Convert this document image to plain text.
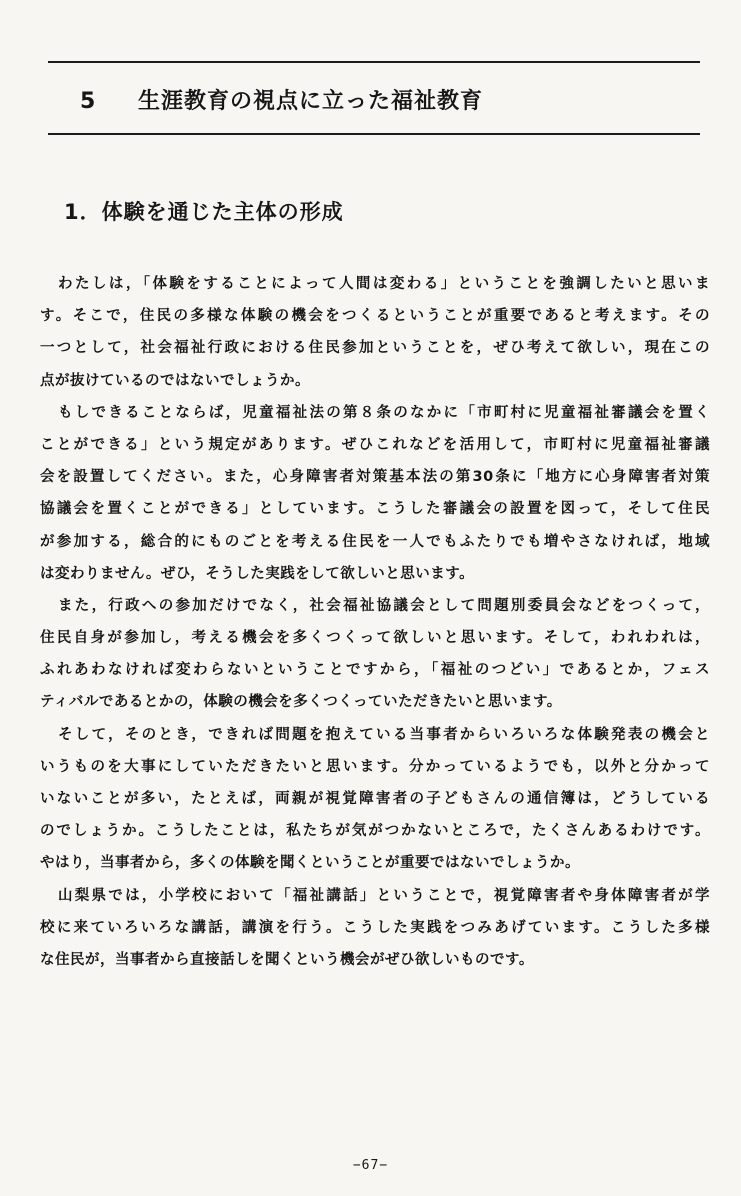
5 生涯教育の視点に立った福祉教育
1．体験を通じた主体の形成
わたしは，「体験をすることによって人間は変わる」ということを強調したいと思いま
す。そこで，住民の多様な体験の機会をつくるということが重要であると考えます。その
一つとして，社会福祉行政における住民参加ということを，ぜひ考えて欲しい，現在この
点が抜けているのではないでしょうか。
もしできることならば，児童福祉法の第８条のなかに「市町村に児童福祉審議会を置く
ことができる」という規定があります。ぜひこれなどを活用して，市町村に児童福祉審議
会を設置してください。また，心身障害者対策基本法の第30条に「地方に心身障害者対策
協議会を置くことができる」としています。こうした審議会の設置を図って，そして住民
が参加する，総合的にものごとを考える住民を一人でもふたりでも増やさなければ，地域
は変わりません。ぜひ，そうした実践をして欲しいと思います。
また，行政への参加だけでなく，社会福祉協議会として問題別委員会などをつくって，
住民自身が参加し，考える機会を多くつくって欲しいと思います。そして，われわれは，
ふれあわなければ変わらないということですから，「福祉のつどい」であるとか，フェス
ティバルであるとかの，体験の機会を多くつくっていただきたいと思います。
そして，そのとき，できれば問題を抱えている当事者からいろいろな体験発表の機会と
いうものを大事にしていただきたいと思います。分かっているようでも，以外と分かって
いないことが多い，たとえば，両親が視覚障害者の子どもさんの通信簿は，どうしている
のでしょうか。こうしたことは，私たちが気がつかないところで，たくさんあるわけです。
やはり，当事者から，多くの体験を聞くということが重要ではないでしょうか。
山梨県では，小学校において「福祉講話」ということで，視覚障害者や身体障害者が学
校に来ていろいろな講話，講演を行う。こうした実践をつみあげています。こうした多様
な住民が，当事者から直接話しを聞くという機会がぜひ欲しいものです。
−67−
